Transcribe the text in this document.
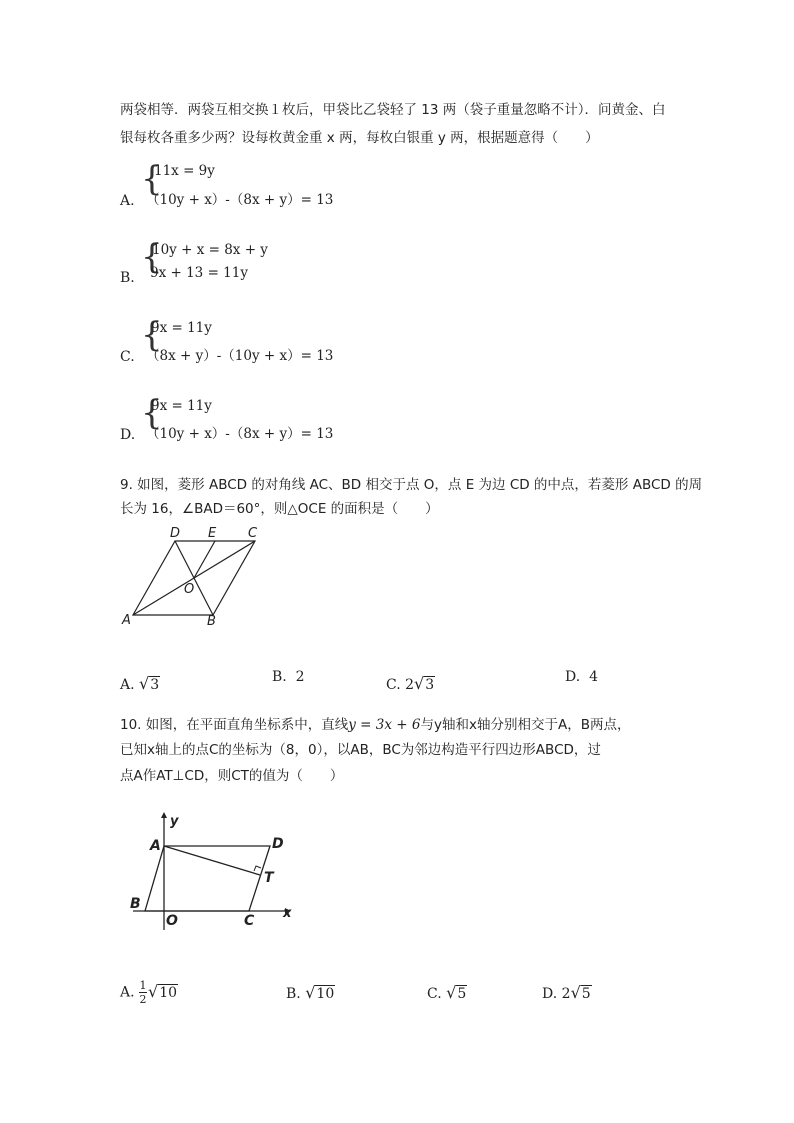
两袋相等．两袋互相交换１枚后，甲袋比乙袋轻了 13 两（袋子重量忽略不计）．问黄金、白
银每枚各重多少两？设每枚黄金重 x 两，每枚白银重 y 两，根据题意得（　　）
A.
{
11x = 9y
（10y + x）-（8x + y）= 13
B.
{
10y + x = 8x + y
9x + 13 = 11y
C.
{
9x = 11y
（8x + y）-（10y + x）= 13
D.
{
9x = 11y
（10y + x）-（8x + y）= 13
9. 如图，菱形 ABCD 的对角线 AC、BD 相交于点 O，点 E 为边 CD 的中点，若菱形 ABCD 的周
长为 16，∠BAD＝60°，则△OCE 的面积是（　　）
D E C
O
A	B
A. √3	B. 2	C. 2√3	D. 4
10. 如图，在平面直角坐标系中，直线y = 3x + 6与y轴和x轴分别相交于A，B两点，
已知x轴上的点C的坐标为（8，0），以AB，BC为邻边构造平行四边形ABCD，过
点A作AT⊥CD，则CT的值为（　　）
y
x
A	D
T
B
O	C
A. $\frac{1}{2} √10$	B. √10	C. √5	D. 2√5
